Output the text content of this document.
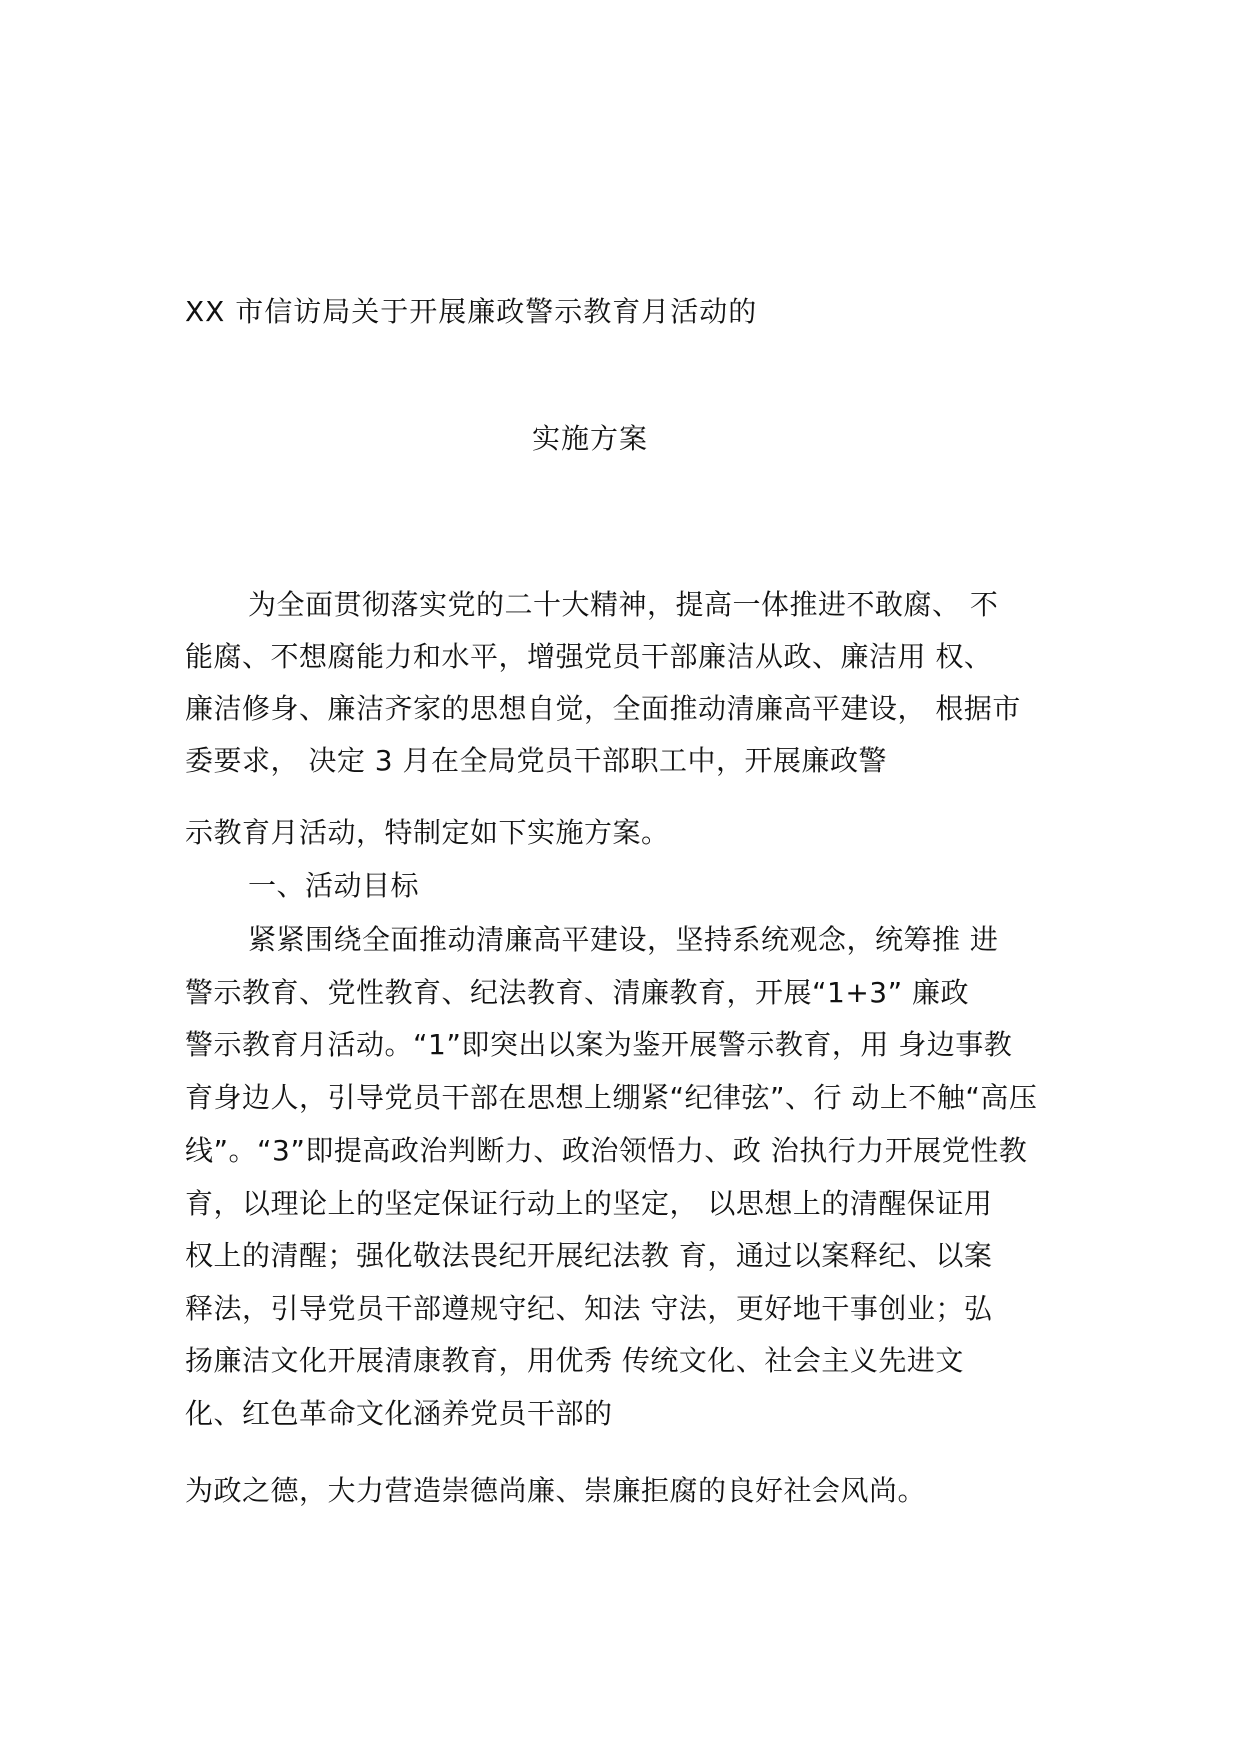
XX 市信访局关于开展廉政警示教育月活动的
实施方案
为全面贯彻落实党的二十大精神，提高一体推进不敢腐、 不
能腐、不想腐能力和水平，增强党员干部廉洁从政、廉洁用 权、
廉洁修身、廉洁齐家的思想自觉，全面推动清廉高平建设， 根据市
委要求， 决定 3 月在全局党员干部职工中，开展廉政警
示教育月活动，特制定如下实施方案。
一、活动目标
紧紧围绕全面推动清廉高平建设，坚持系统观念，统筹推 进
警示教育、党性教育、纪法教育、清廉教育，开展“1+3” 廉政
警示教育月活动。“1”即突出以案为鉴开展警示教育，用 身边事教
育身边人，引导党员干部在思想上绷紧“纪律弦”、行 动上不触“高压
线”。“3”即提高政治判断力、政治领悟力、政 治执行力开展党性教
育，以理论上的坚定保证行动上的坚定， 以思想上的清醒保证用
权上的清醒；强化敬法畏纪开展纪法教 育，通过以案释纪、以案
释法，引导党员干部遵规守纪、知法 守法，更好地干事创业；弘
扬廉洁文化开展清康教育，用优秀 传统文化、社会主义先进文
化、红色革命文化涵养党员干部的
为政之德，大力营造崇德尚廉、崇廉拒腐的良好社会风尚。
